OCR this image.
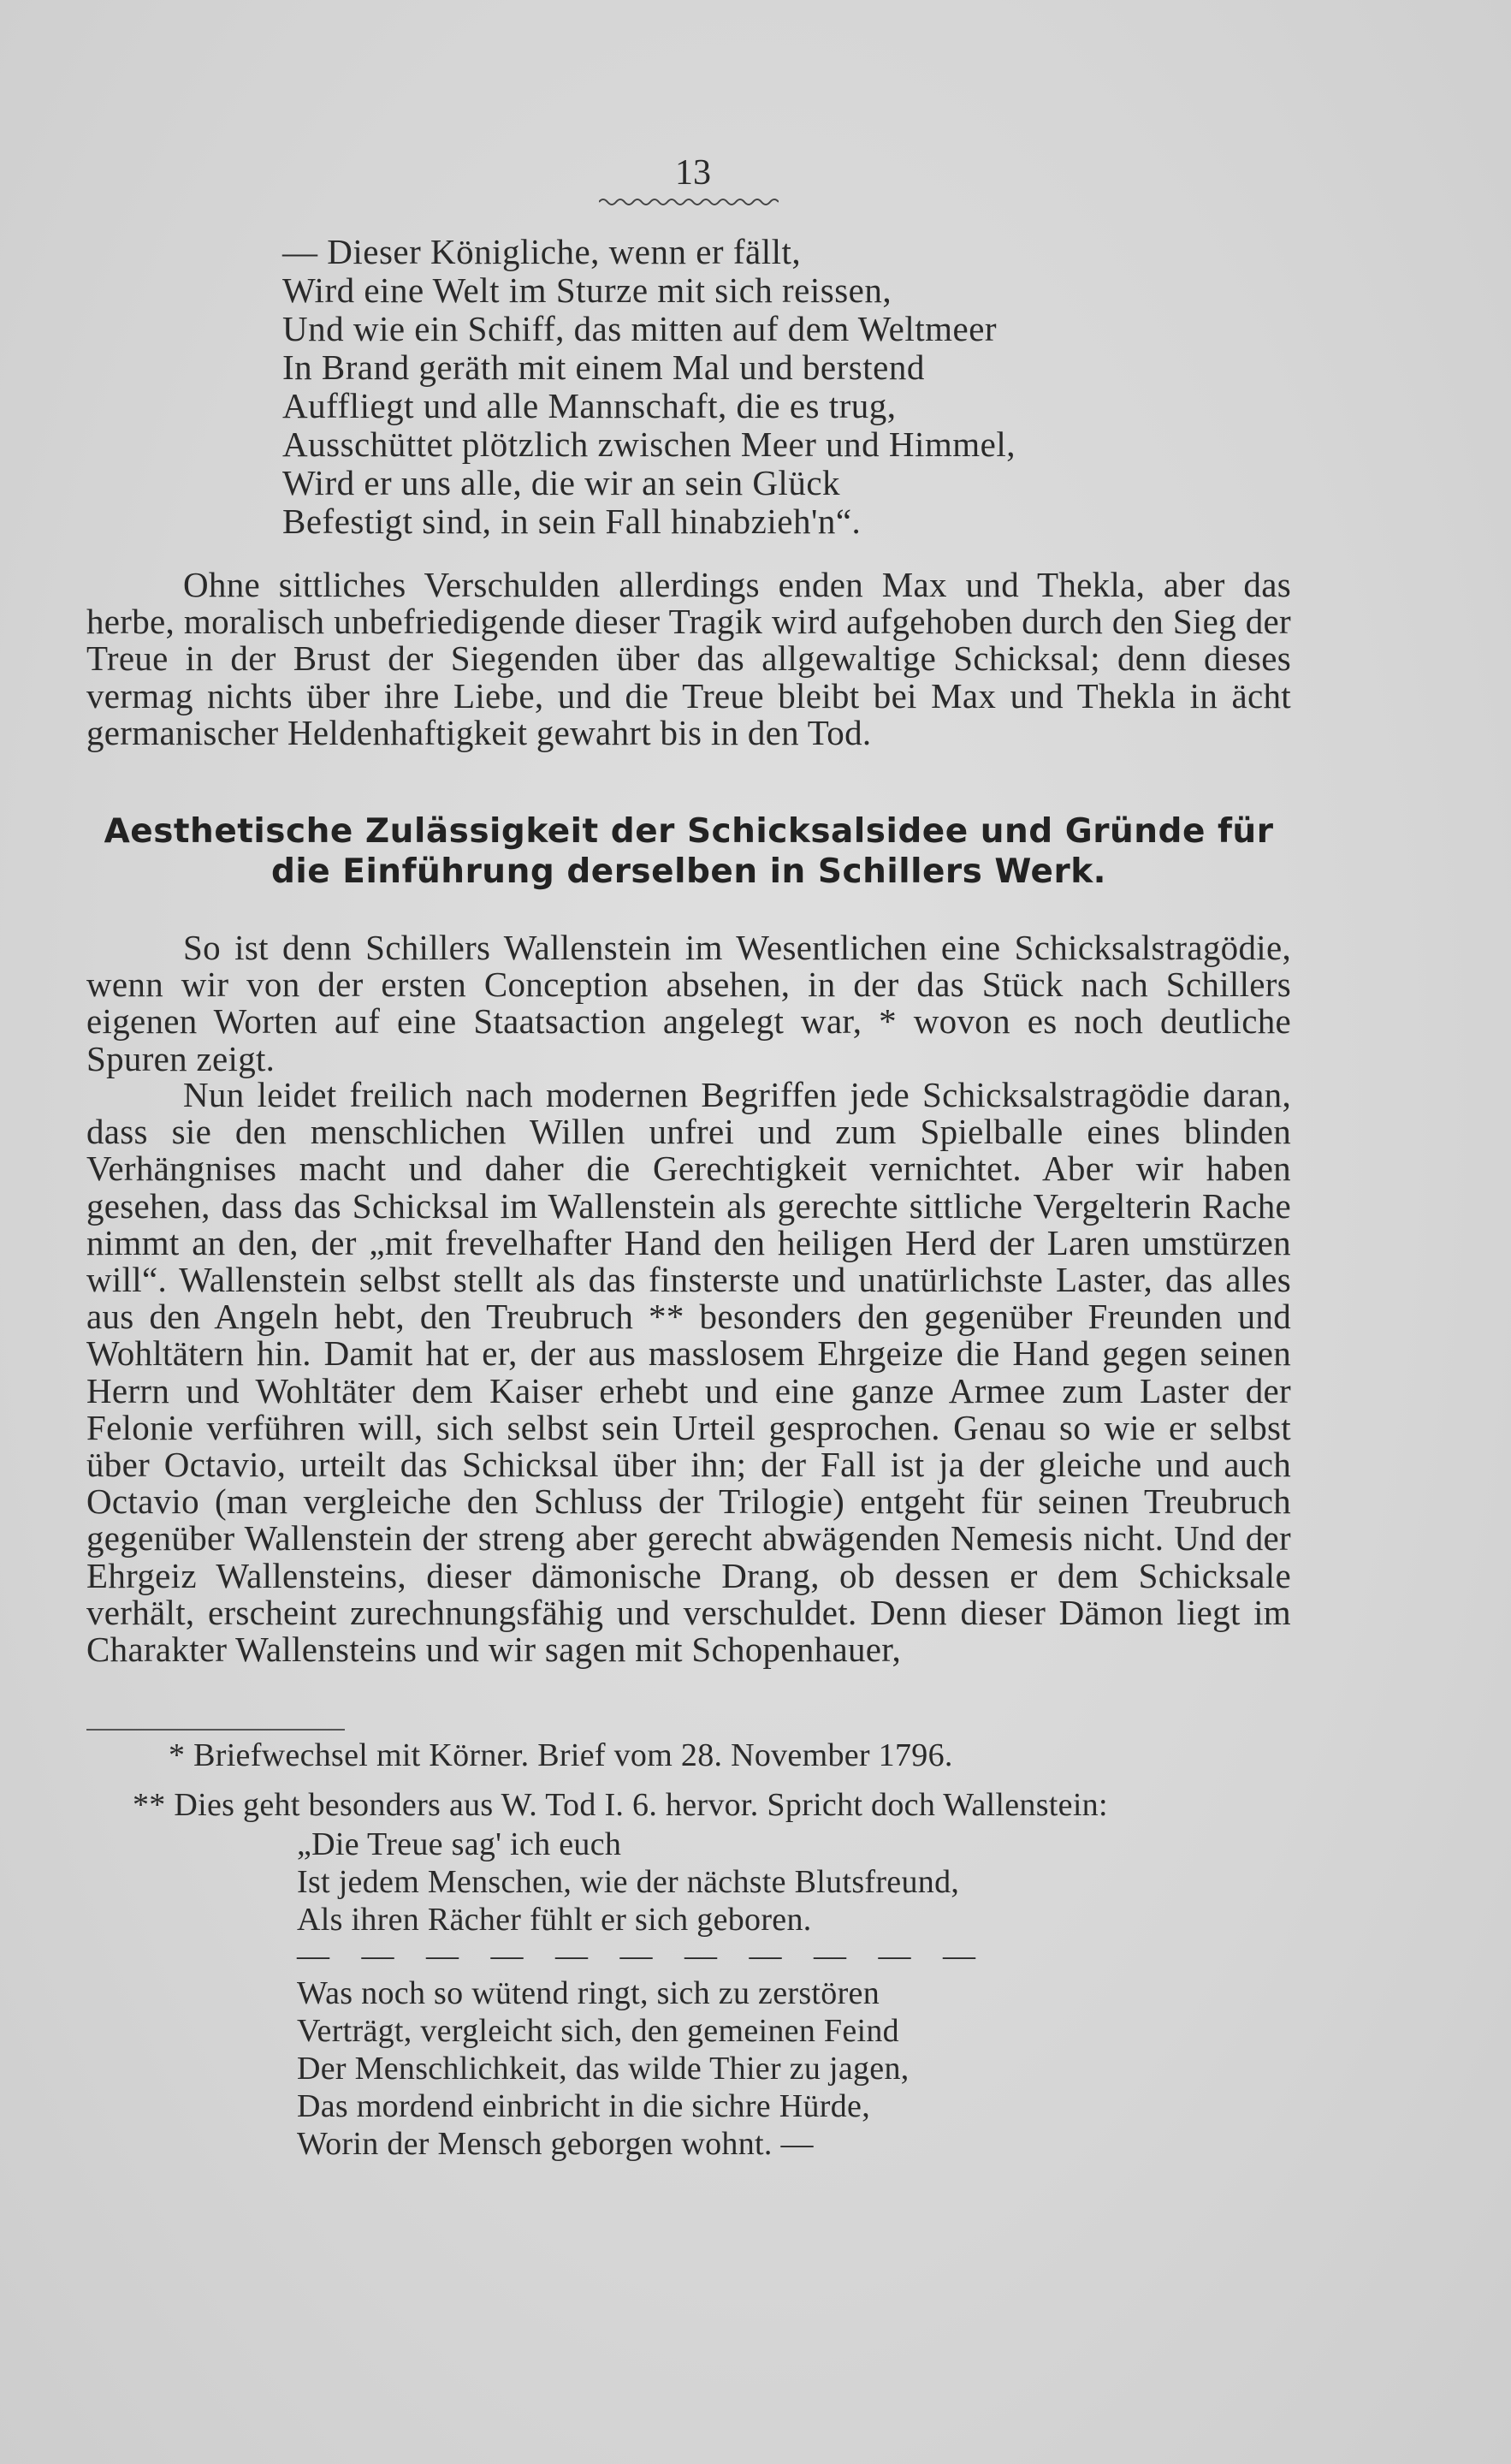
13
— Dieser Königliche, wenn er fällt,
Wird eine Welt im Sturze mit sich reissen,
Und wie ein Schiff, das mitten auf dem Weltmeer
In Brand geräth mit einem Mal und berstend
Auffliegt und alle Mannschaft, die es trug,
Ausschüttet plötzlich zwischen Meer und Himmel,
Wird er uns alle, die wir an sein Glück
Befestigt sind, in sein Fall hinabzieh'n“.

Ohne sittliches Verschulden allerdings enden Max und Thekla, aber das herbe, moralisch unbefriedigende dieser Tragik wird aufgehoben durch den Sieg der Treue in der Brust der Siegenden über das allgewaltige Schicksal; denn dieses vermag nichts über ihre Liebe, und die Treue bleibt bei Max und Thekla in ächt germanischer Heldenhaftigkeit gewahrt bis in den Tod.

Aesthetische Zulässigkeit der Schicksalsidee und Gründe für die Einführung derselben in Schillers Werk.

So ist denn Schillers Wallenstein im Wesentlichen eine Schicksalstragödie, wenn wir von der ersten Conception absehen, in der das Stück nach Schillers eigenen Worten auf eine Staatsaction angelegt war, * wovon es noch deutliche Spuren zeigt.

Nun leidet freilich nach modernen Begriffen jede Schicksalstragödie daran, dass sie den menschlichen Willen unfrei und zum Spielballe eines blinden Verhängnises macht und daher die Gerechtigkeit vernichtet. Aber wir haben gesehen, dass das Schicksal im Wallenstein als gerechte sittliche Vergelterin Rache nimmt an den, der „mit frevelhafter Hand den heiligen Herd der Laren umstürzen will“. Wallenstein selbst stellt als das finsterste und unatürlichste Laster, das alles aus den Angeln hebt, den Treubruch ** besonders den gegenüber Freunden und Wohltätern hin. Damit hat er, der aus masslosem Ehrgeize die Hand gegen seinen Herrn und Wohltäter dem Kaiser erhebt und eine ganze Armee zum Laster der Felonie verführen will, sich selbst sein Urteil gesprochen. Genau so wie er selbst über Octavio, urteilt das Schicksal über ihn; der Fall ist ja der gleiche und auch Octavio (man vergleiche den Schluss der Trilogie) entgeht für seinen Treubruch gegenüber Wallenstein der streng aber gerecht abwägenden Nemesis nicht. Und der Ehrgeiz Wallensteins, dieser dämonische Drang, ob dessen er dem Schicksale verhält, erscheint zurechnungsfähig und verschuldet. Denn dieser Dämon liegt im Charakter Wallensteins und wir sagen mit Schopenhauer,

* Briefwechsel mit Körner. Brief vom 28. November 1796.
** Dies geht besonders aus W. Tod I. 6. hervor. Spricht doch Wallenstein:
„Die Treue sag' ich euch
Ist jedem Menschen, wie der nächste Blutsfreund,
Als ihren Rächer fühlt er sich geboren.
— — — — — — — — — — —
Was noch so wütend ringt, sich zu zerstören
Verträgt, vergleicht sich, den gemeinen Feind
Der Menschlichkeit, das wilde Thier zu jagen,
Das mordend einbricht in die sichre Hürde,
Worin der Mensch geborgen wohnt. —
